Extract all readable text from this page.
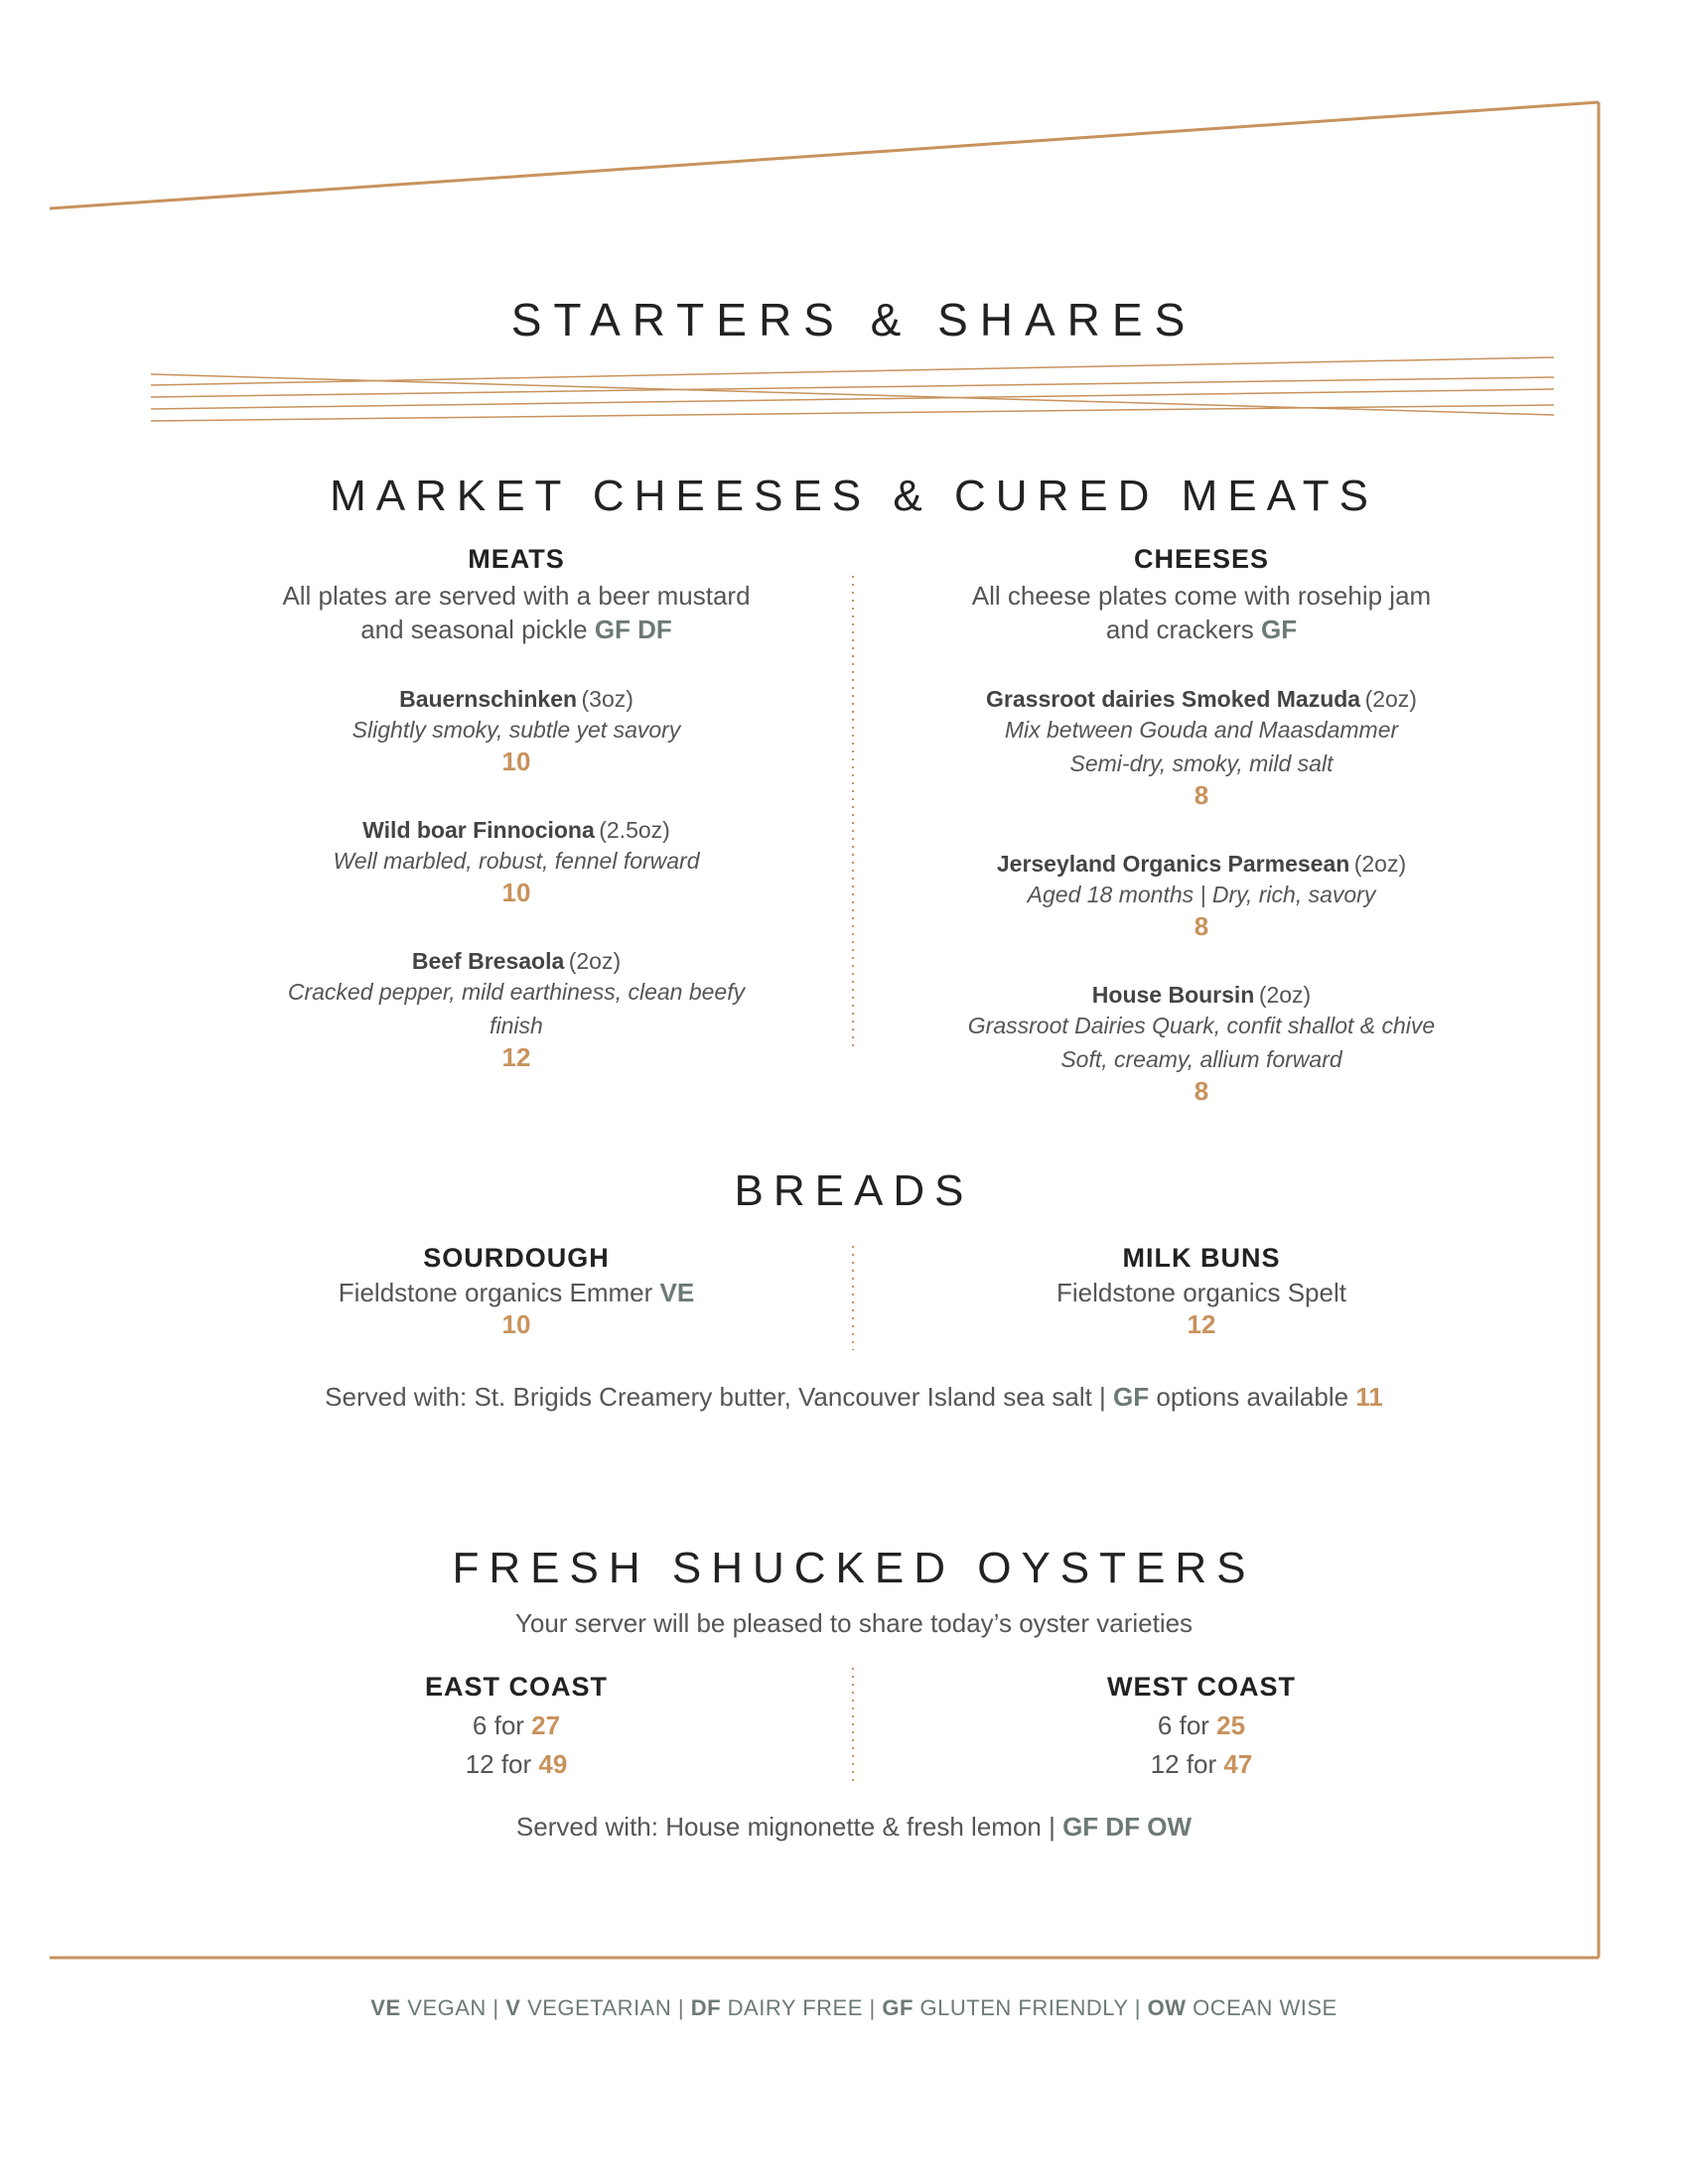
STARTERS & SHARES
MARKET CHEESES & CURED MEATS
MEATS
All plates are served with a beer mustard
and seasonal pickle GF DF
Bauernschinken (3oz)
Slightly smoky, subtle yet savory
10
Wild boar Finnociona (2.5oz)
Well marbled, robust, fennel forward
10
Beef Bresaola (2oz)
Cracked pepper, mild earthiness, clean beefy finish
12
CHEESES
All cheese plates come with rosehip jam
and crackers GF
Grassroot dairies Smoked Mazuda (2oz)
Mix between Gouda and Maasdammer
Semi-dry, smoky, mild salt
8
Jerseyland Organics Parmesean (2oz)
Aged 18 months | Dry, rich, savory
8
House Boursin (2oz)
Grassroot Dairies Quark, confit shallot & chive
Soft, creamy, allium forward
8
BREADS
SOURDOUGH
Fieldstone organics Emmer VE
10
MILK BUNS
Fieldstone organics Spelt
12
Served with: St. Brigids Creamery butter, Vancouver Island sea salt | GF options available 11
FRESH SHUCKED OYSTERS
Your server will be pleased to share today’s oyster varieties
EAST COAST
6 for 27
12 for 49
WEST COAST
6 for 25
12 for 47
Served with: House mignonette & fresh lemon | GF DF OW
VE VEGAN | V VEGETARIAN | DF DAIRY FREE | GF GLUTEN FRIENDLY | OW OCEAN WISE
